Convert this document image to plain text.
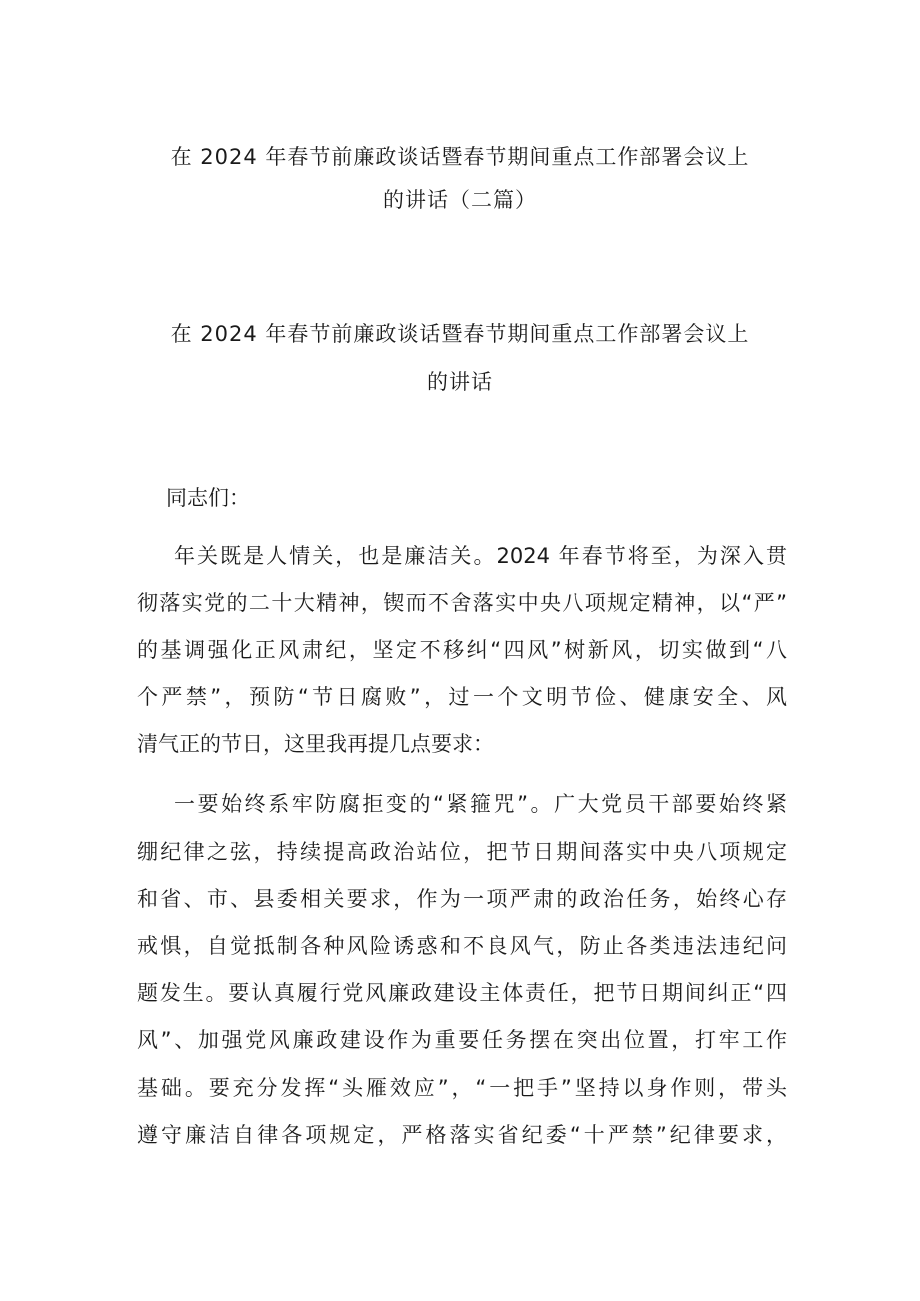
在 2024 年春节前廉政谈话暨春节期间重点工作部署会议上
的讲话（二篇）
在 2024 年春节前廉政谈话暨春节期间重点工作部署会议上
的讲话
同志们：
年关既是人情关，也是廉洁关。2024 年春节将至，为深入贯
彻落实党的二十大精神，锲而不舍落实中央八项规定精神，以“严”
的基调强化正风肃纪，坚定不移纠“四风”树新风，切实做到“八
个严禁”，预防“节日腐败”，过一个文明节俭、健康安全、风
清气正的节日，这里我再提几点要求：
一要始终系牢防腐拒变的“紧箍咒”。广大党员干部要始终紧
绷纪律之弦，持续提高政治站位，把节日期间落实中央八项规定
和省、市、县委相关要求，作为一项严肃的政治任务，始终心存
戒惧，自觉抵制各种风险诱惑和不良风气，防止各类违法违纪问
题发生。要认真履行党风廉政建设主体责任，把节日期间纠正“四
风”、加强党风廉政建设作为重要任务摆在突出位置，打牢工作
基础。要充分发挥“头雁效应”，“一把手”坚持以身作则，带头
遵守廉洁自律各项规定，严格落实省纪委“十严禁”纪律要求，
